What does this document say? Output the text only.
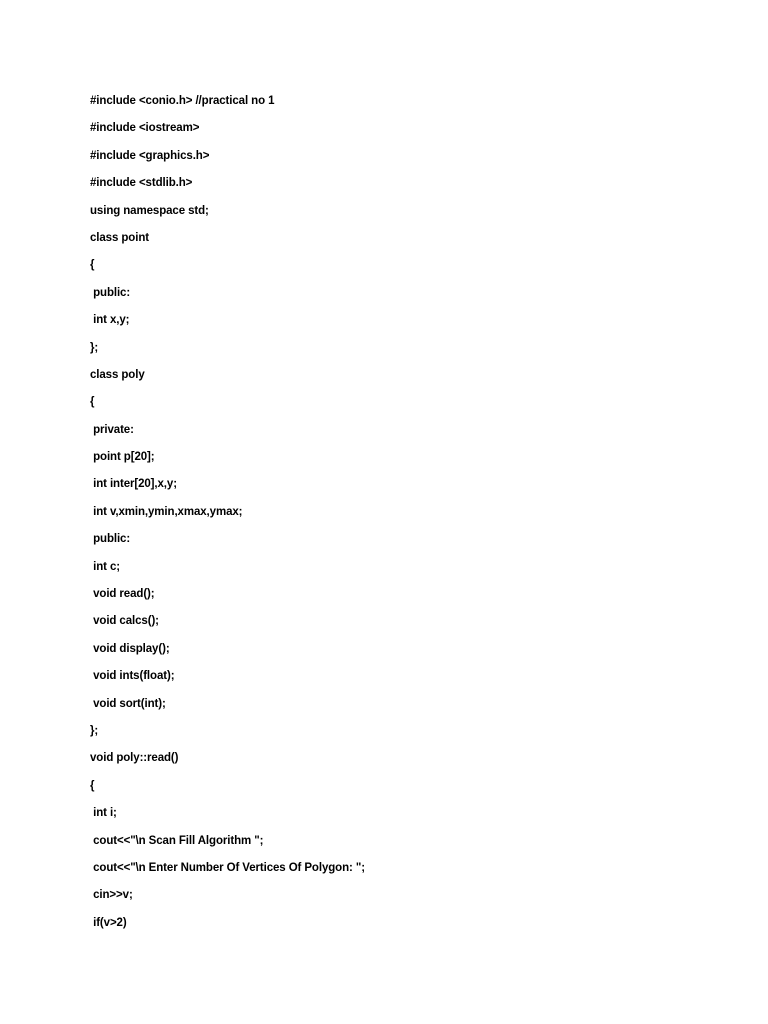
#include <conio.h> //practical no 1
#include <iostream>
#include <graphics.h>
#include <stdlib.h>
using namespace std;
class point
{
public:
int x,y;
};
class poly
{
private:
point p[20];
int inter[20],x,y;
int v,xmin,ymin,xmax,ymax;
public:
int c;
void read();
void calcs();
void display();
void ints(float);
void sort(int);
};
void poly::read()
{
int i;
cout<<"\n Scan Fill Algorithm ";
cout<<"\n Enter Number Of Vertices Of Polygon: ";
cin>>v;
if(v>2)
